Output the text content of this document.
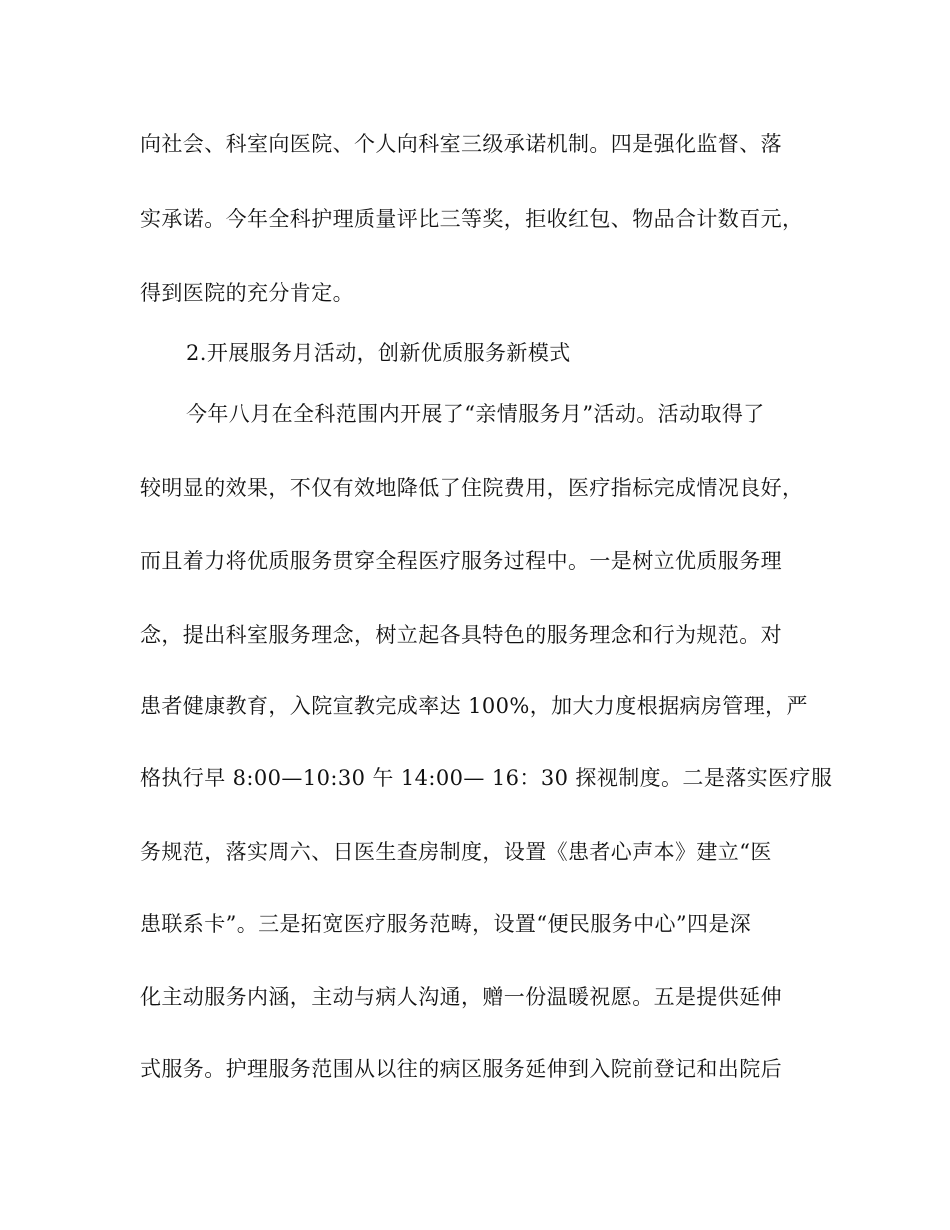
向社会、科室向医院、个人向科室三级承诺机制。四是强化监督、落
实承诺。今年全科护理质量评比三等奖，拒收红包、物品合计数百元，
得到医院的充分肯定。
2.开展服务月活动，创新优质服务新模式
今年八月在全科范围内开展了“亲情服务月”活动。活动取得了
较明显的效果，不仅有效地降低了住院费用，医疗指标完成情况良好，
而且着力将优质服务贯穿全程医疗服务过程中。一是树立优质服务理
念，提出科室服务理念，树立起各具特色的服务理念和行为规范。对
患者健康教育，入院宣教完成率达 100%，加大力度根据病房管理，严
格执行早 8:00—10:30 午 14:00— 16：30 探视制度。二是落实医疗服
务规范，落实周六、日医生查房制度，设置《患者心声本》建立“医
患联系卡”。三是拓宽医疗服务范畴，设置“便民服务中心”四是深
化主动服务内涵，主动与病人沟通，赠一份温暖祝愿。五是提供延伸
式服务。护理服务范围从以往的病区服务延伸到入院前登记和出院后
